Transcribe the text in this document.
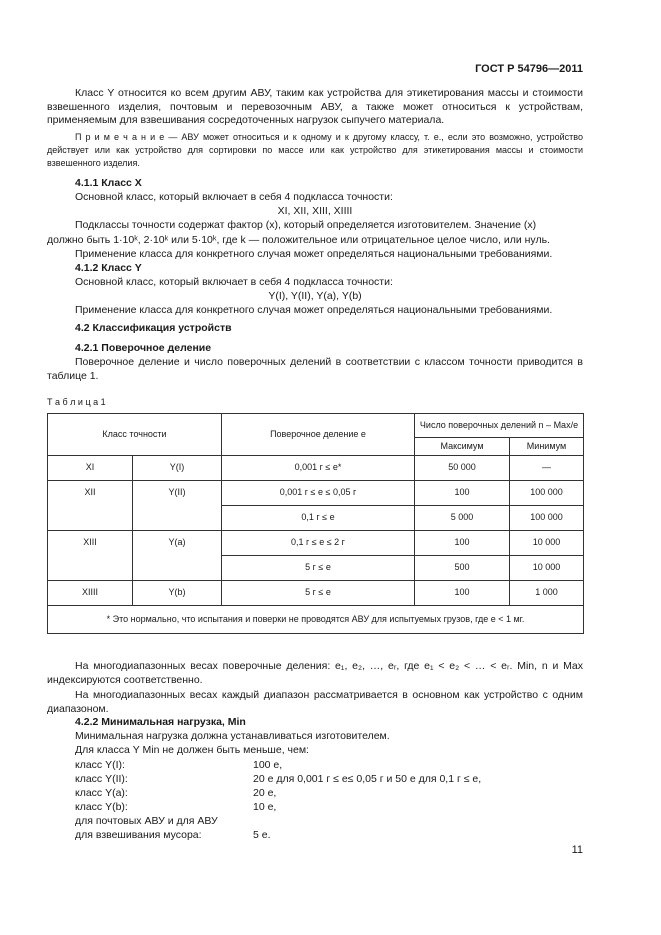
ГОСТ Р 54796—2011
Класс Y относится ко всем другим АВУ, таким как устройства для этикетирования массы и стоимости взвешенного изделия, почтовым и перевозочным АВУ, а также может относиться к устройствам, применяемым для взвешивания сосредоточенных нагрузок сыпучего материала.
П р и м е ч а н и е — АВУ может относиться и к одному и к другому классу, т. е., если это возможно, устройство действует или как устройство для сортировки по массе или как устройство для этикетирования массы и стоимости взвешенного изделия.
4.1.1 Класс X
Основной класс, который включает в себя 4 подкласса точности:
XI, XII, XIII, XIIII
Подклассы точности содержат фактор (x), который определяется изготовителем. Значение (x)
должно быть 1·10ᵏ, 2·10ᵏ или 5·10ᵏ, где k — положительное или отрицательное целое число, или нуль.
Применение класса для конкретного случая может определяться национальными требованиями.
4.1.2 Класс Y
Основной класс, который включает в себя 4 подкласса точности:
Y(I), Y(II), Y(a), Y(b)
Применение класса для конкретного случая может определяться национальными требованиями.
4.2 Классификация устройств
4.2.1 Поверочное деление
Поверочное деление и число поверочных делений в соответствии с классом точности приводится в таблице 1.
Т а б л и ц а 1
Класс точности		Поверочное деление e	Число поверочных делений n – Max/e	
			Максимум	Минимум
XI	Y(I)	0,001 г ≤ e*	50 000	—
XII	Y(II)	0,001 г ≤ e ≤ 0,05 г	100	100 000
		0,1 г ≤ e	5 000	100 000
XIII	Y(a)	0,1 г ≤ e ≤ 2 г	100	10 000
		5 г ≤ e	500	10 000
XIIII	Y(b)	5 г ≤ e	100	1 000
* Это нормально, что испытания и поверки не проводятся АВУ для испытуемых грузов, где e < 1 мг.				
На многодиапазонных весах поверочные деления: e₁, e₂, …, eᵣ, где e₁ < e₂ < … < eᵣ. Min, n и Max индексируются соответственно.
На многодиапазонных весах каждый диапазон рассматривается в основном как устройство с одним диапазоном.
4.2.2 Минимальная нагрузка, Min
Минимальная нагрузка должна устанавливаться изготовителем.
Для класса Y Min не должен быть меньше, чем:
класс Y(I):	100 e,
класс Y(II):	20 e для 0,001 г ≤ e≤ 0,05 г и 50 e для 0,1 г ≤ e,
класс Y(a):	20 e,
класс Y(b):	10 e,
для почтовых АВУ и для АВУ
для взвешивания мусора:	5 e.
11
